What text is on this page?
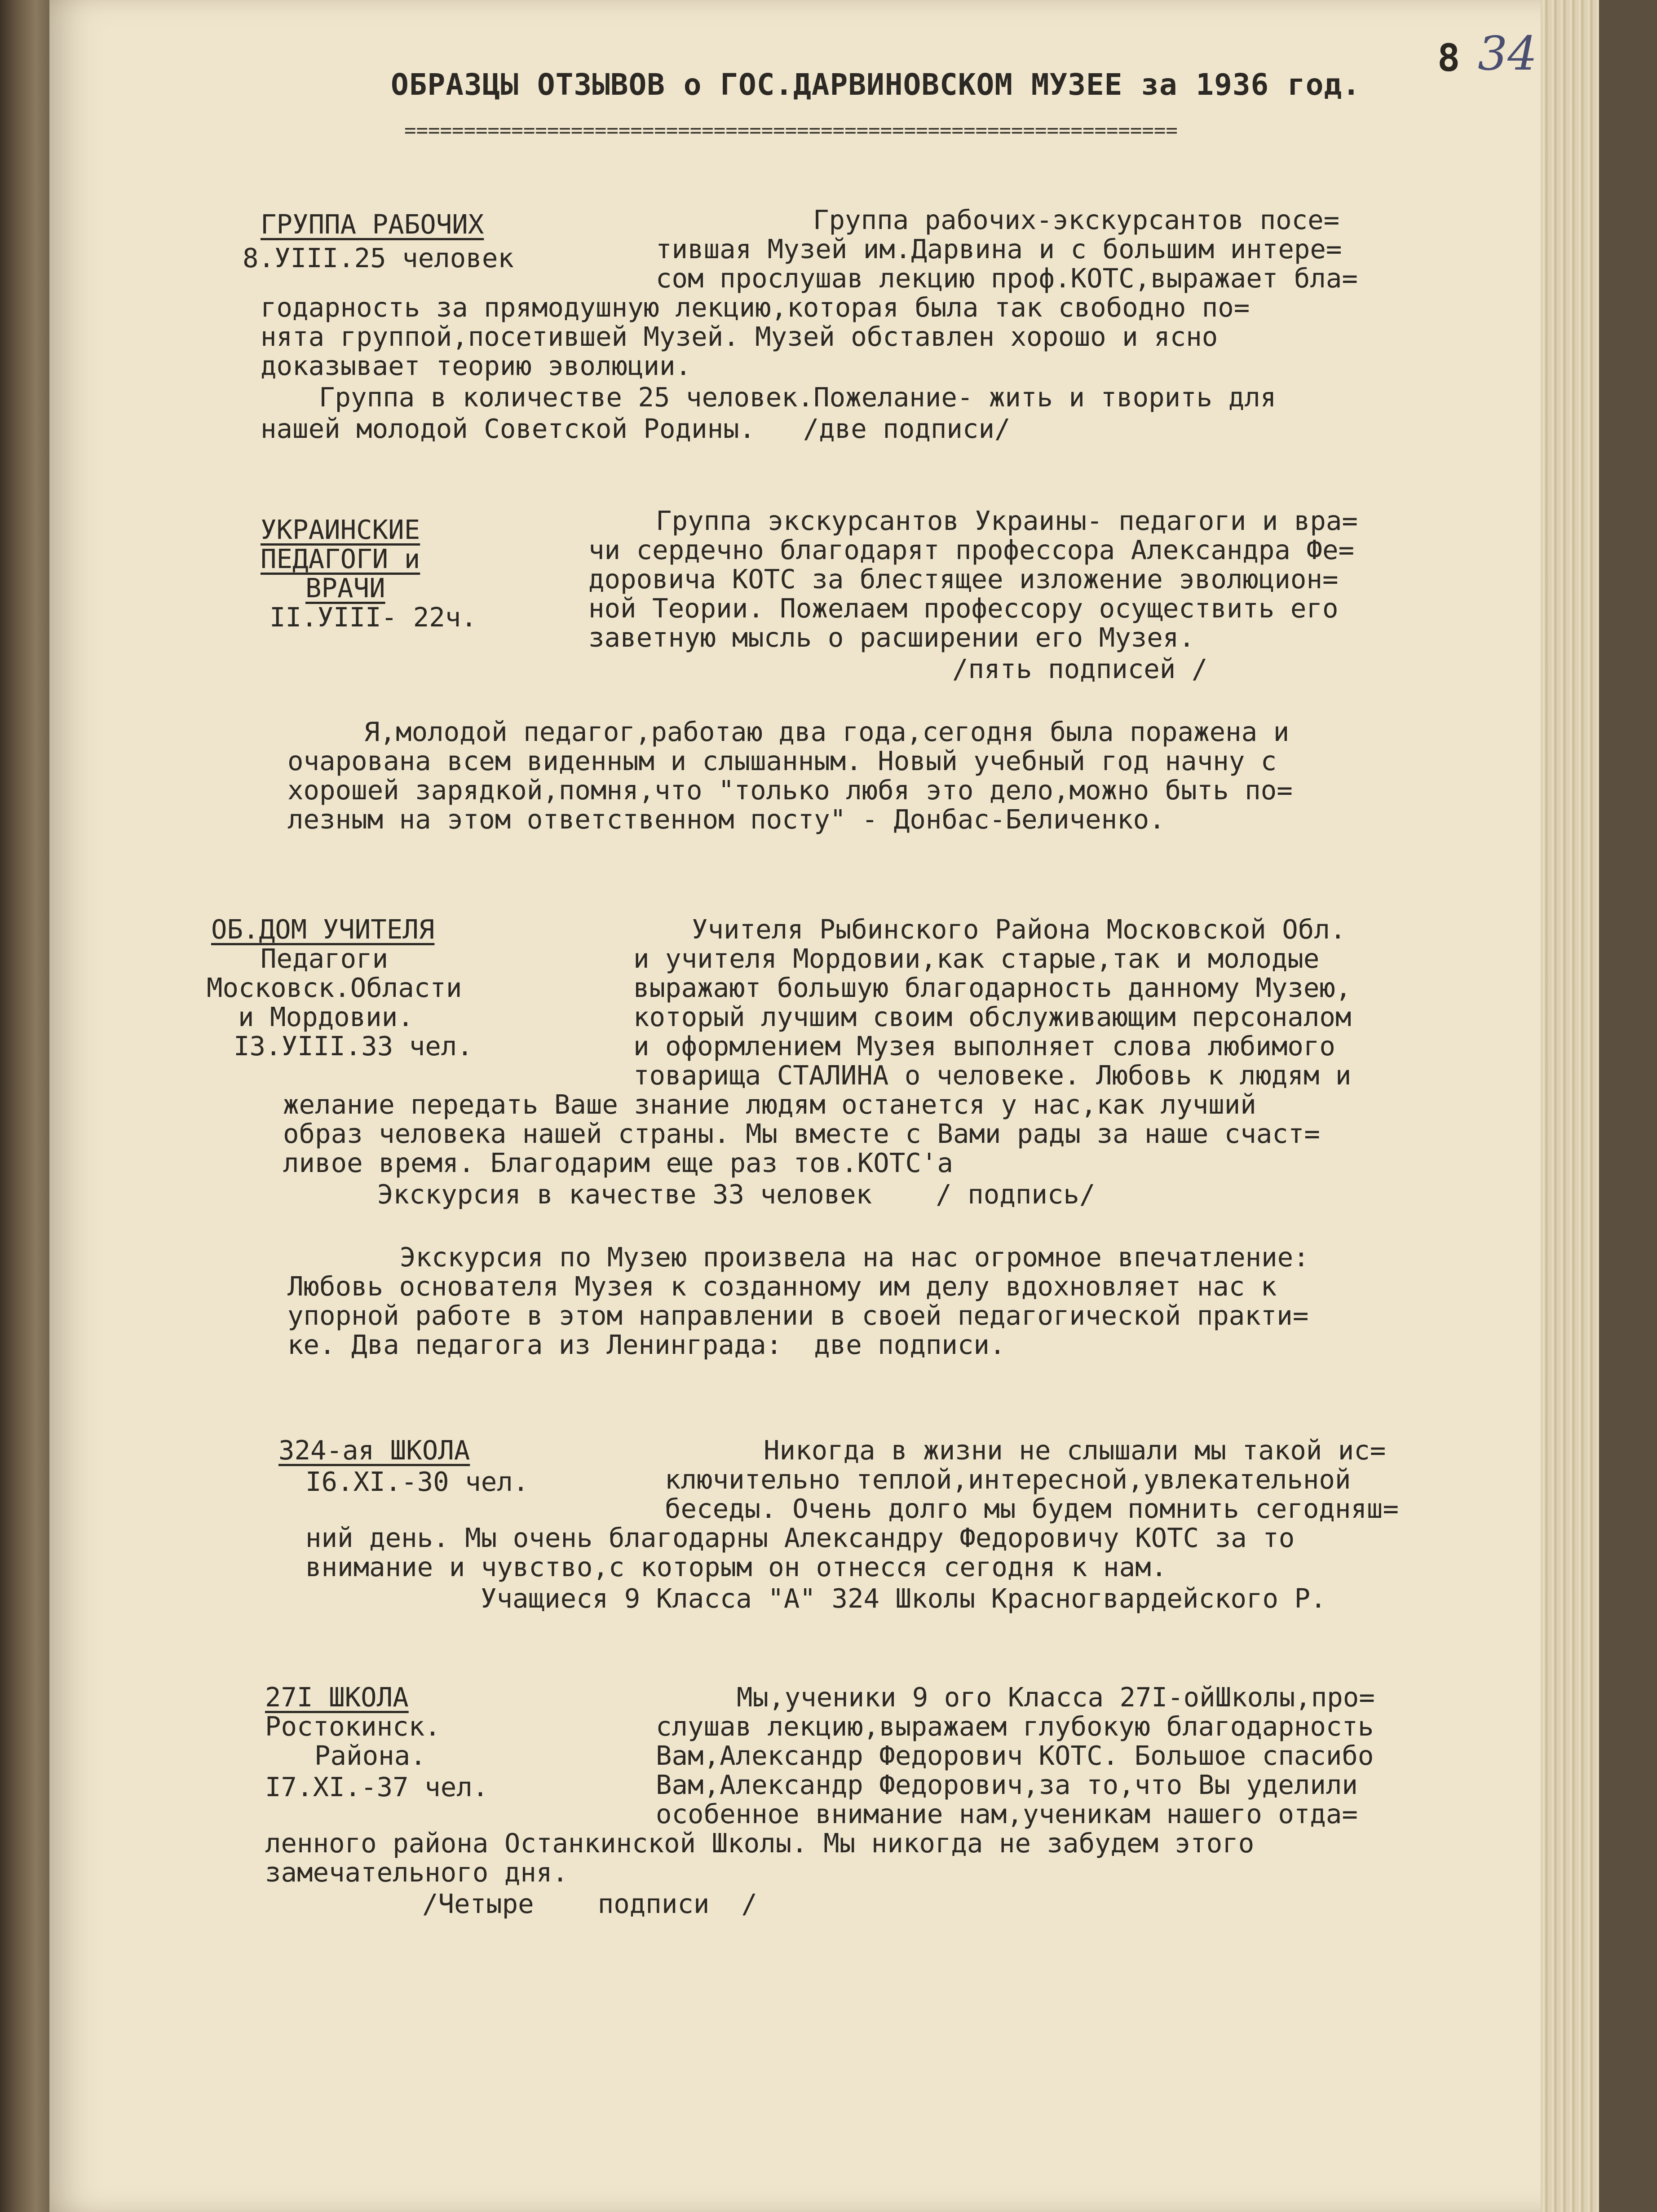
8 34
ОБРАЗЦЫ ОТЗЫВОВ о ГОС.ДАРВИНОВСКОМ МУЗЕЕ за 1936 год.
=================================================================
ГРУППА РАБОЧИХ
8.УIII.25 человек
Группа рабочих-экскурсантов посе=
тившая Музей им.Дарвина и с большим интере=
сом прослушав лекцию проф.КОТС,выражает бла=
годарность за прямодушную лекцию,которая была так свободно по=
нята группой,посетившей Музей. Музей обставлен хорошо и ясно
доказывает теорию эволюции.
Группа в количестве 25 человек.Пожелание- жить и творить для
нашей молодой Советской Родины.   /две подписи/
УКРАИНСКИЕ
ПЕДАГОГИ и
ВРАЧИ
II.УIII- 22ч.
Группа экскурсантов Украины- педагоги и вра=
чи сердечно благодарят профессора Александра Фе=
доровича КОТС за блестящее изложение эволюцион=
ной Теории. Пожелаем профессору осуществить его
заветную мысль о расширении его Музея.
/пять подписей /
Я,молодой педагог,работаю два года,сегодня была поражена и
очарована всем виденным и слышанным. Новый учебный год начну с
хорошей зарядкой,помня,что "только любя это дело,можно быть по=
лезным на этом ответственном посту" - Донбас-Беличенко.
ОБ.ДОМ УЧИТЕЛЯ
Педагоги
Московск.Области
и Мордовии.
I3.УIII.33 чел.
Учителя Рыбинского Района Московской Обл.
и учителя Мордовии,как старые,так и молодые
выражают большую благодарность данному Музею,
который лучшим своим обслуживающим персоналом
и оформлением Музея выполняет слова любимого
товарища СТАЛИНА о человеке. Любовь к людям и
желание передать Ваше знание людям останется у нас,как лучший
образ человека нашей страны. Мы вместе с Вами рады за наше счаст=
ливое время. Благодарим еще раз тов.КОТС'а
Экскурсия в качестве 33 человек    / подпись/
Экскурсия по Музею произвела на нас огромное впечатление:
Любовь основателя Музея к созданному им делу вдохновляет нас к
упорной работе в этом направлении в своей педагогической практи=
ке. Два педагога из Ленинграда:  две подписи.
324-ая ШКОЛА
I6.XI.-30 чел.
Никогда в жизни не слышали мы такой ис=
ключительно теплой,интересной,увлекательной
беседы. Очень долго мы будем помнить сегодняш=
ний день. Мы очень благодарны Александру Федоровичу КОТС за то
внимание и чувство,с которым он отнесся сегодня к нам.
Учащиеся 9 Класса "А" 324 Школы Красногвардейского Р.
27I ШКОЛА
Ростокинск.
Района.
I7.XI.-37 чел.
Мы,ученики 9 ого Класса 27I-ойШколы,про=
слушав лекцию,выражаем глубокую благодарность
Вам,Александр Федорович КОТС. Большое спасибо
Вам,Александр Федорович,за то,что Вы уделили
особенное внимание нам,ученикам нашего отда=
ленного района Останкинской Школы. Мы никогда не забудем этого
замечательного дня.
/Четыре    подписи  /
